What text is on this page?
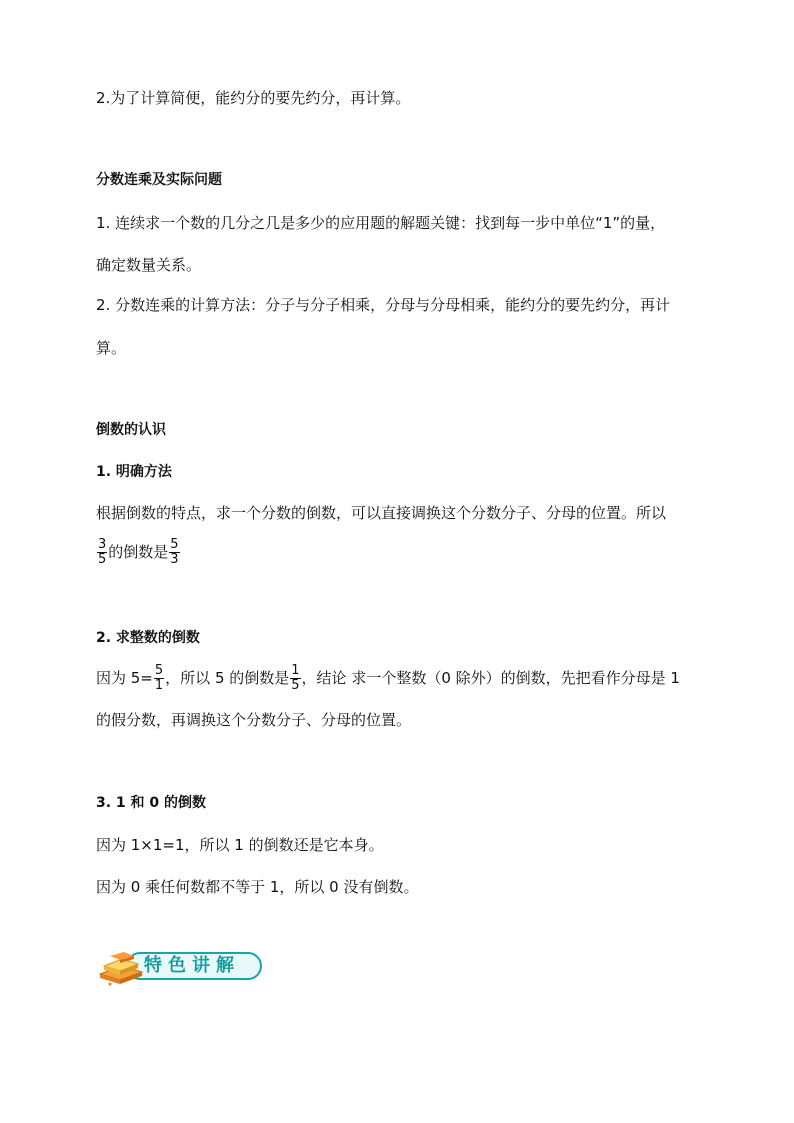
2.为了计算简便，能约分的要先约分，再计算。
分数连乘及实际问题
1. 连续求一个数的几分之几是多少的应用题的解题关键：找到每一步中单位“1”的量，
确定数量关系。
2. 分数连乘的计算方法：分子与分子相乘，分母与分母相乘，能约分的要先约分，再计
算。
倒数的认识
1. 明确方法
根据倒数的特点，求一个分数的倒数，可以直接调换这个分数分子、分母的位置。所以
$\frac{3}{5}$ 的倒数是 $\frac{5}{3}$
2. 求整数的倒数
因为 $5= \frac{5}{1}$ ，所以 5 的倒数是 $\frac{1}{5}$ ，结论 求一个整数（0 除外）的倒数，先把看作分母是 1
的假分数，再调换这个分数分子、分母的位置。
3. 1 和 0 的倒数
因为 1×1=1，所以 1 的倒数还是它本身。
因为 0 乘任何数都不等于 1，所以 0 没有倒数。
特色讲解
